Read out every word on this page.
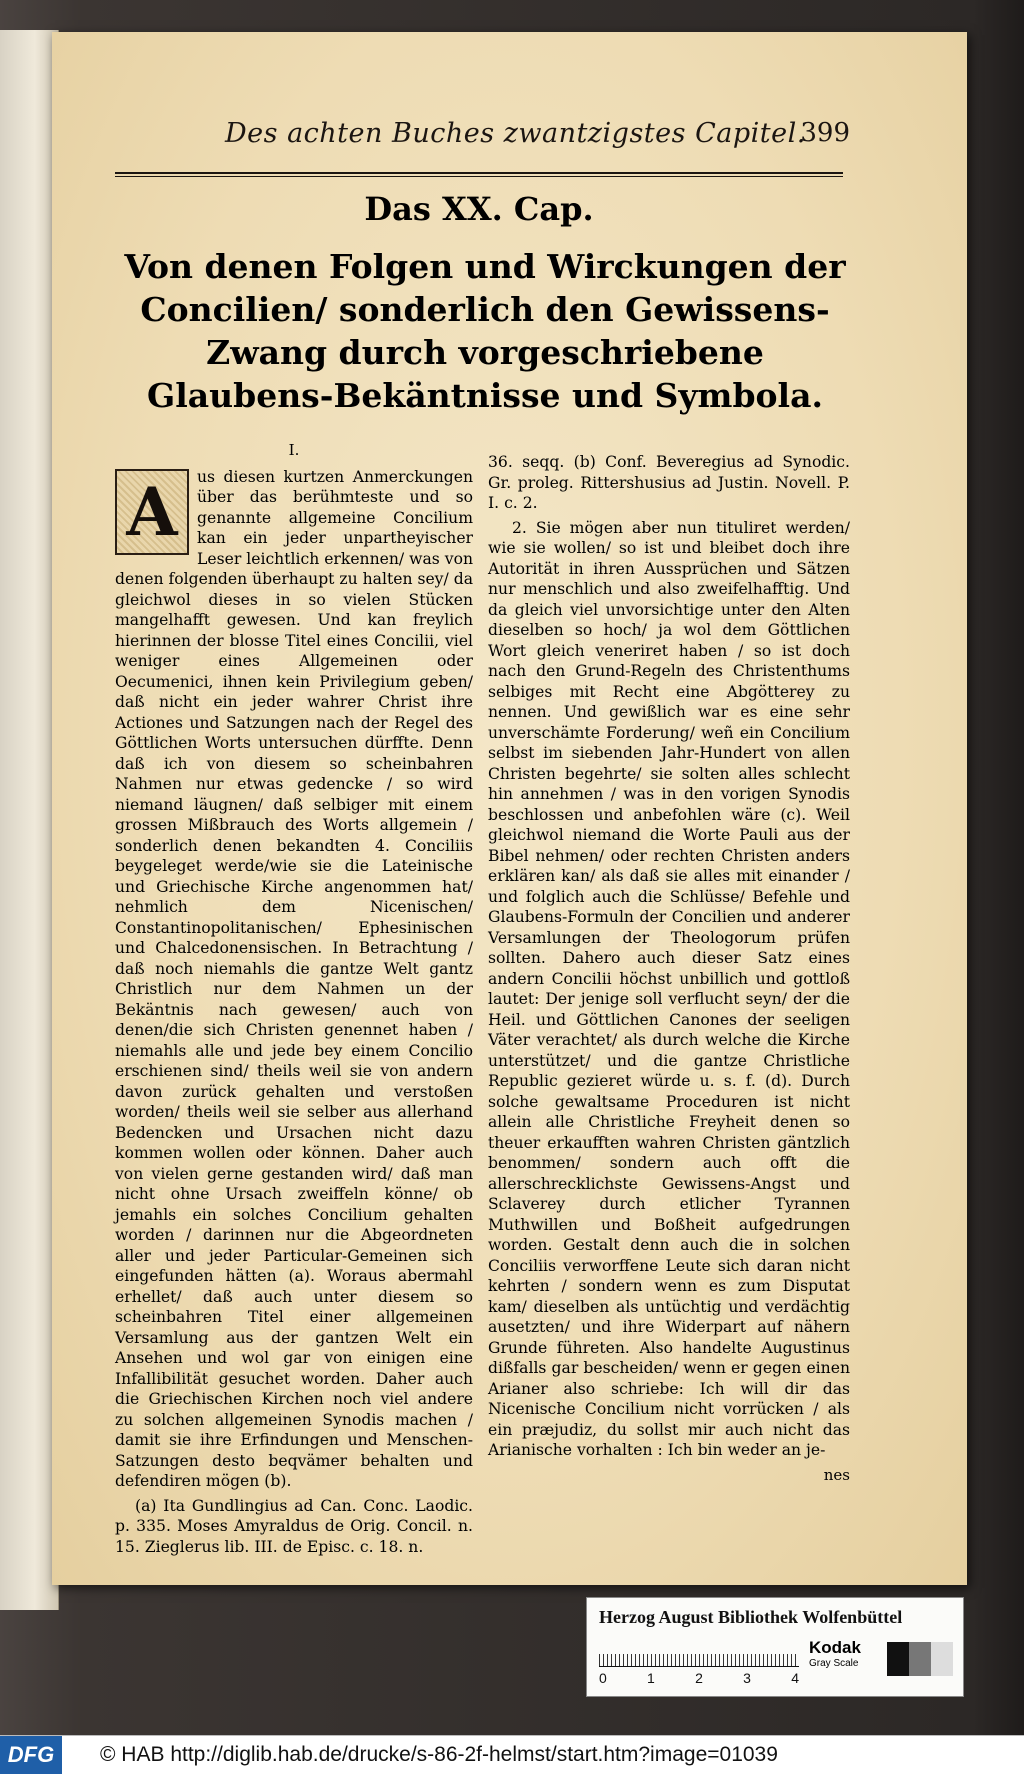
Des achten Buches zwantzigstes Capitel.
399
Das XX. Cap.
Von denen Folgen und Wirckungen der Concilien/ sonderlich den Gewissens-Zwang durch vorgeschriebene Glaubens-Bekäntnisse und Symbola.
I.
A	us diesen kurtzen Anmerckungen über das berühmteste und so genannte allgemeine Concilium kan ein jeder unpartheyischer Leser leichtlich erkennen/ was von denen folgenden überhaupt zu halten sey/ da gleichwol dieses in so vielen Stücken mangelhafft gewesen. Und kan freylich hierinnen der blosse Titel eines Concilii, viel weniger eines Allgemeinen oder Oecumenici, ihnen kein Privilegium geben/ daß nicht ein jeder wahrer Christ ihre Actiones und Satzungen nach der Regel des Göttlichen Worts untersuchen dürffte. Denn daß ich von diesem so scheinbahren Nahmen nur etwas gedencke / so wird niemand läugnen/ daß selbiger mit einem grossen Mißbrauch des Worts allgemein / sonderlich denen bekandten 4. Conciliis beygeleget werde/wie sie die Lateinische und Griechische Kirche angenommen hat/ nehmlich dem Nicenischen/ Constantinopolitanischen/ Ephesinischen und Chalcedonensischen. In Betrachtung / daß noch niemahls die gantze Welt gantz Christlich nur dem Nahmen un der Bekäntnis nach gewesen/ auch von denen/die sich Christen genennet haben / niemahls alle und jede bey einem Concilio erschienen sind/ theils weil sie von andern davon zurück gehalten und verstoßen worden/ theils weil sie selber aus allerhand Bedencken und Ursachen nicht dazu kommen wollen oder können. Daher auch von vielen gerne gestanden wird/ daß man nicht ohne Ursach zweiffeln könne/ ob jemahls ein solches Concilium gehalten worden / darinnen nur die Abgeordneten aller und jeder Particular-Gemeinen sich eingefunden hätten (a). Woraus abermahl erhellet/ daß auch unter diesem so scheinbahren Titel einer allgemeinen Versamlung aus der gantzen Welt ein Ansehen und wol gar von einigen eine Infallibilität gesuchet worden. Daher auch die Griechischen Kirchen noch viel andere zu solchen allgemeinen Synodis machen / damit sie ihre Erfindungen und Menschen-Satzungen desto beqvämer behalten und defendiren mögen (b).

(a) Ita Gundlingius ad Can. Conc. Laodic. p. 335. Moses Amyraldus de Orig. Concil. n. 15. Zieglerus lib. III. de Episc. c. 18. n.

36. seqq. (b) Conf. Beveregius ad Synodic. Gr. proleg. Rittershusius ad Justin. Novell. P. I. c. 2.

2. Sie mögen aber nun tituliret werden/ wie sie wollen/ so ist und bleibet doch ihre Autorität in ihren Aussprüchen und Sätzen nur menschlich und also zweifelhafftig. Und da gleich viel unvorsichtige unter den Alten dieselben so hoch/ ja wol dem Göttlichen Wort gleich veneriret haben / so ist doch nach den Grund-Regeln des Christenthums selbiges mit Recht eine Abgötterey zu nennen. Und gewißlich war es eine sehr unverschämte Forderung/ weñ ein Concilium selbst im siebenden Jahr-Hundert von allen Christen begehrte/ sie solten alles schlecht hin annehmen / was in den vorigen Synodis beschlossen und anbefohlen wäre (c). Weil gleichwol niemand die Worte Pauli aus der Bibel nehmen/ oder rechten Christen anders erklären kan/ als daß sie alles mit einander / und folglich auch die Schlüsse/ Befehle und Glaubens-Formuln der Concilien und anderer Versamlungen der Theologorum prüfen sollten. Dahero auch dieser Satz eines andern Concilii höchst unbillich und gottloß lautet: Der jenige soll verflucht seyn/ der die Heil. und Göttlichen Canones der seeligen Väter verachtet/ als durch welche die Kirche unterstützet/ und die gantze Christliche Republic gezieret würde u. s. f. (d). Durch solche gewaltsame Proceduren ist nicht allein alle Christliche Freyheit denen so theuer erkaufften wahren Christen gäntzlich benommen/ sondern auch offt die allerschrecklichste Gewissens-Angst und Sclaverey durch etlicher Tyrannen Muthwillen und Boßheit aufgedrungen worden. Gestalt denn auch die in solchen Conciliis verworffene Leute sich daran nicht kehrten / sondern wenn es zum Disputat kam/ dieselben als untüchtig und verdächtig ausetzten/ und ihre Widerpart auf nähern Grunde führeten. Also handelte Augustinus dißfalls gar bescheiden/ wenn er gegen einen Arianer also schriebe: Ich will dir das Nicenische Concilium nicht vorrücken / als ein præjudiz, du sollst mir auch nicht das Arianische vorhalten : Ich bin weder an je-

nes
Herzog August Bibliothek Wolfenbüttel
0	1	2	3	4
Kodak
Gray Scale
DFG	© HAB http://diglib.hab.de/drucke/s-86-2f-helmst/start.htm?image=01039
